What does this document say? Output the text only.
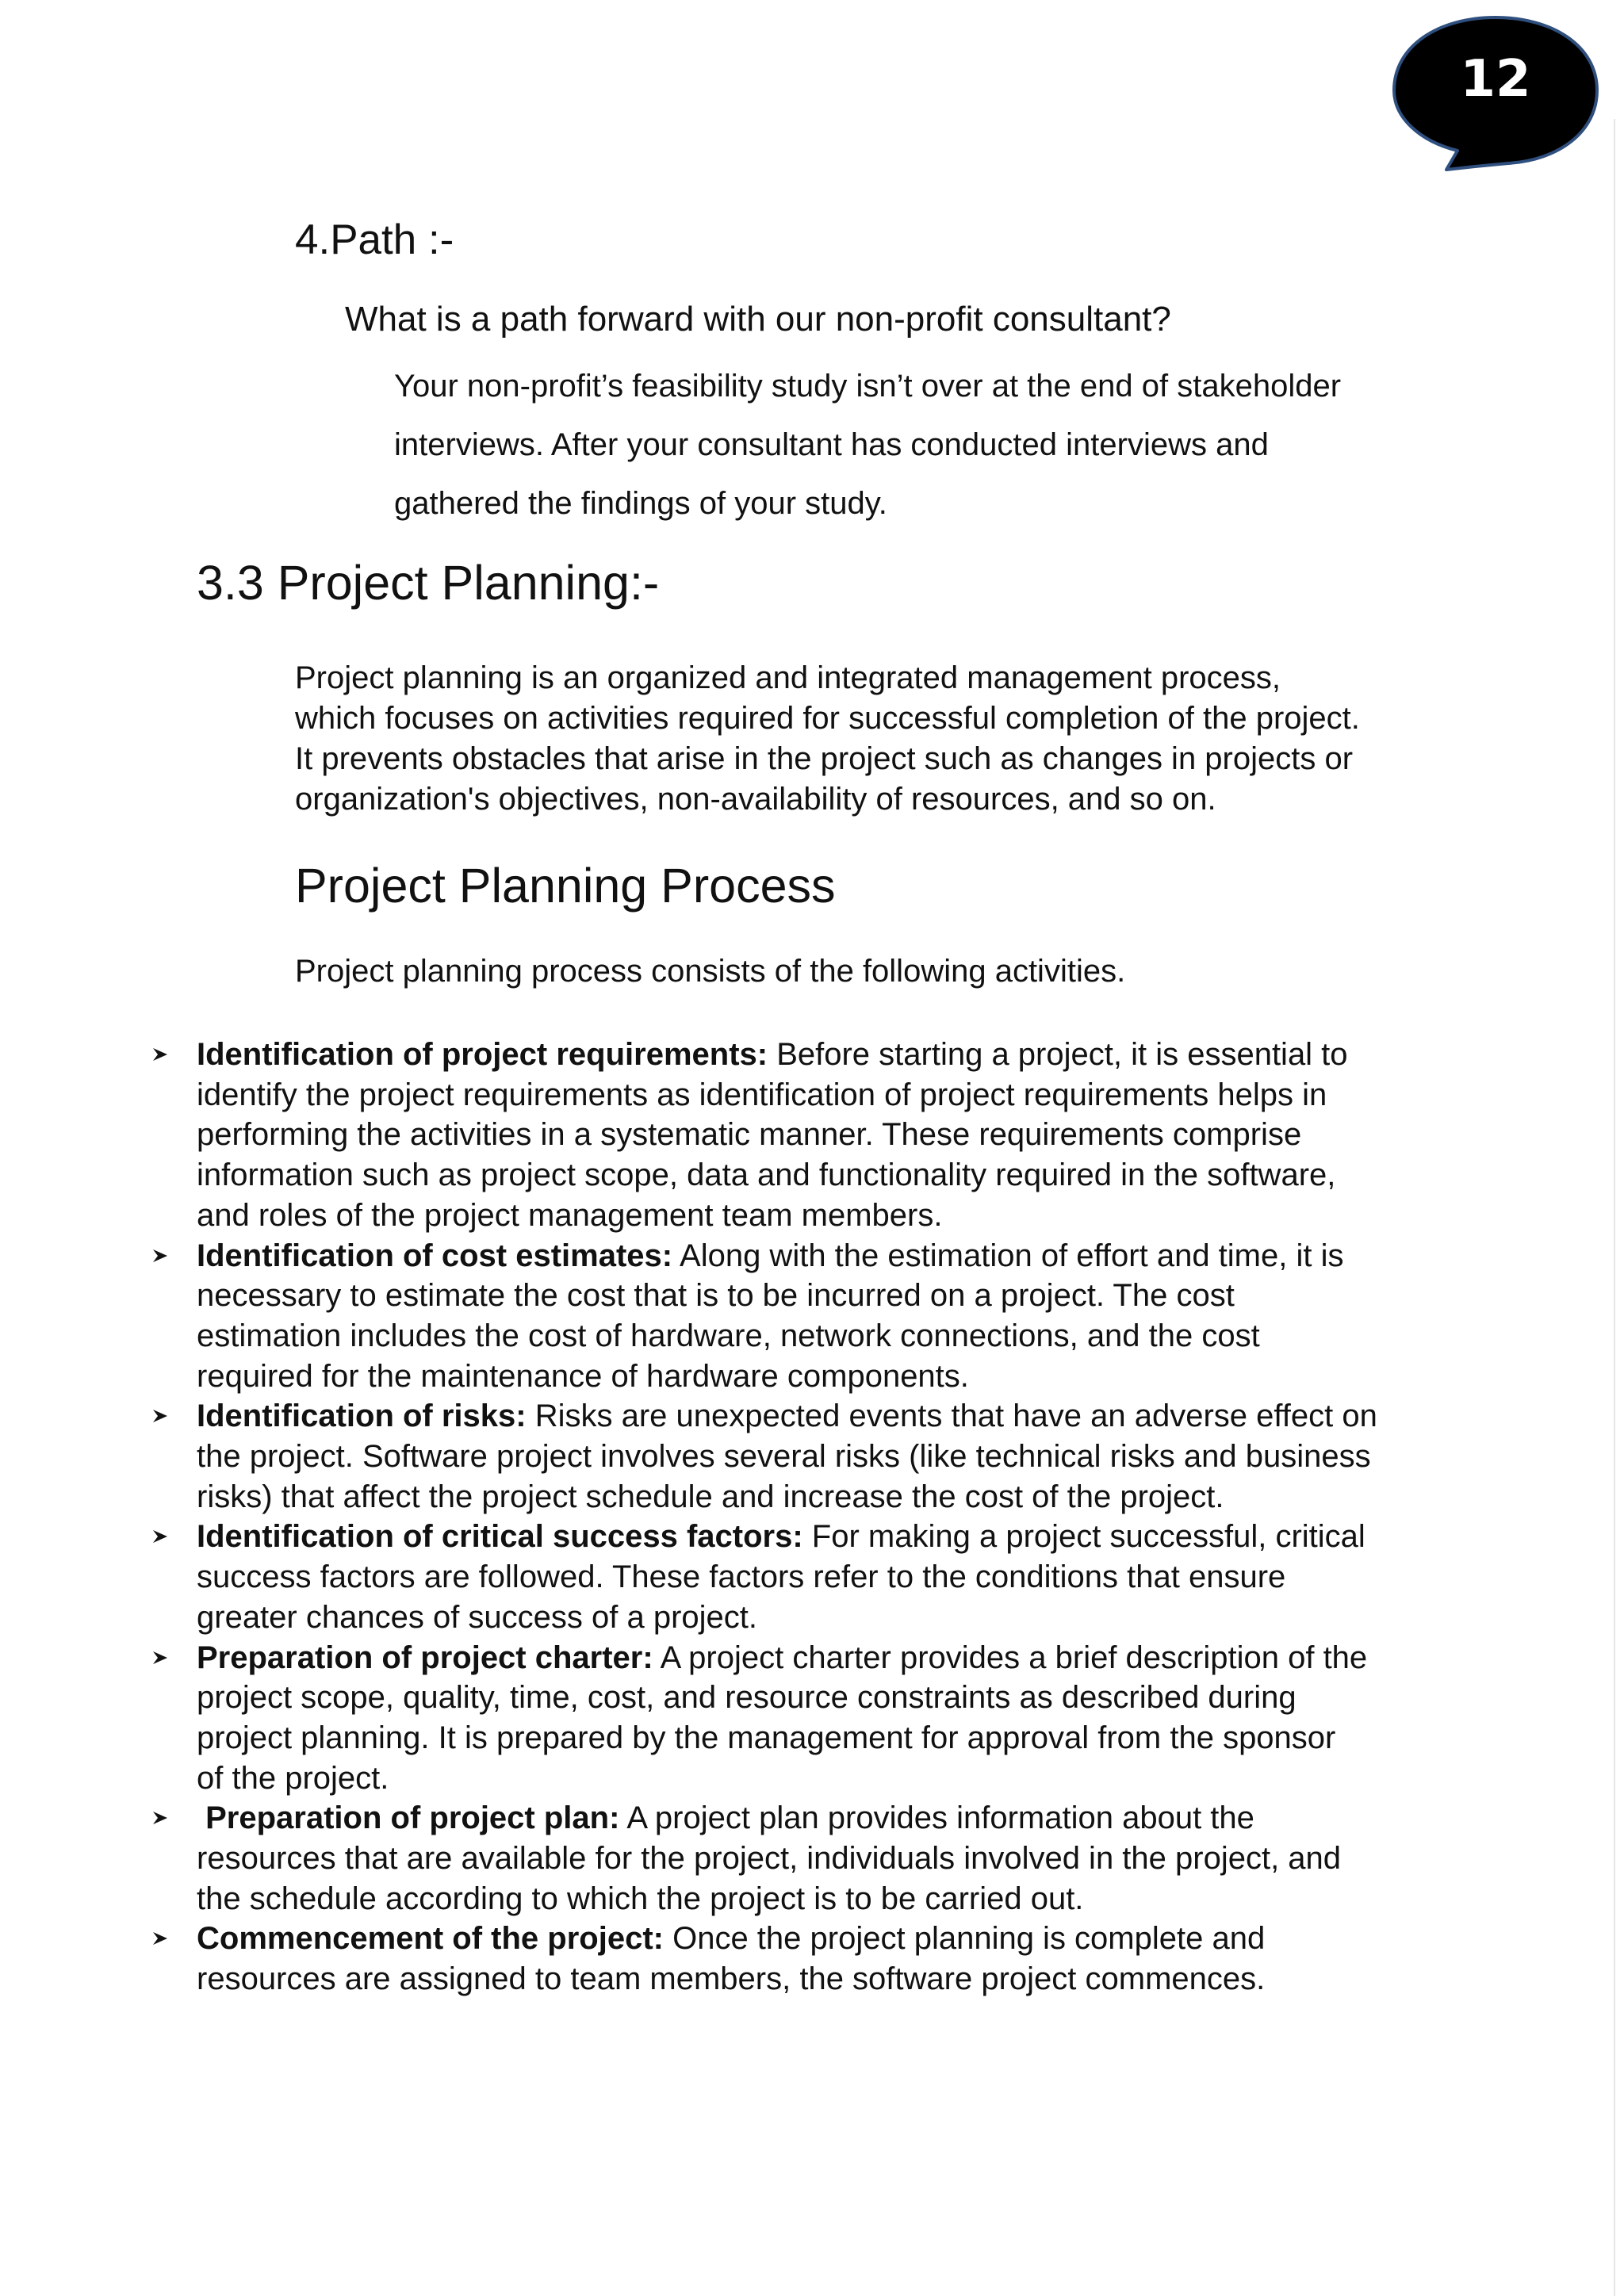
12
4.Path :-

What is a path forward with our non-profit consultant?

Your non-profit’s feasibility study isn’t over at the end of stakeholder
interviews. After your consultant has conducted interviews and
gathered the findings of your study.

3.3 Project Planning:-

Project planning is an organized and integrated management process,
which focuses on activities required for successful completion of the project.
It prevents obstacles that arise in the project such as changes in projects or
organization's objectives, non-availability of resources, and so on.

Project Planning Process

Project planning process consists of the following activities.

Identification of project requirements: Before starting a project, it is essential to
identify the project requirements as identification of project requirements helps in
performing the activities in a systematic manner. These requirements comprise
information such as project scope, data and functionality required in the software,
and roles of the project management team members.
Identification of cost estimates: Along with the estimation of effort and time, it is
necessary to estimate the cost that is to be incurred on a project. The cost
estimation includes the cost of hardware, network connections, and the cost
required for the maintenance of hardware components.
Identification of risks: Risks are unexpected events that have an adverse effect on
the project. Software project involves several risks (like technical risks and business
risks) that affect the project schedule and increase the cost of the project.
Identification of critical success factors: For making a project successful, critical
success factors are followed. These factors refer to the conditions that ensure
greater chances of success of a project.
Preparation of project charter: A project charter provides a brief description of the
project scope, quality, time, cost, and resource constraints as described during
project planning. It is prepared by the management for approval from the sponsor
of the project.
Preparation of project plan: A project plan provides information about the
resources that are available for the project, individuals involved in the project, and
the schedule according to which the project is to be carried out.
Commencement of the project: Once the project planning is complete and
resources are assigned to team members, the software project commences.
